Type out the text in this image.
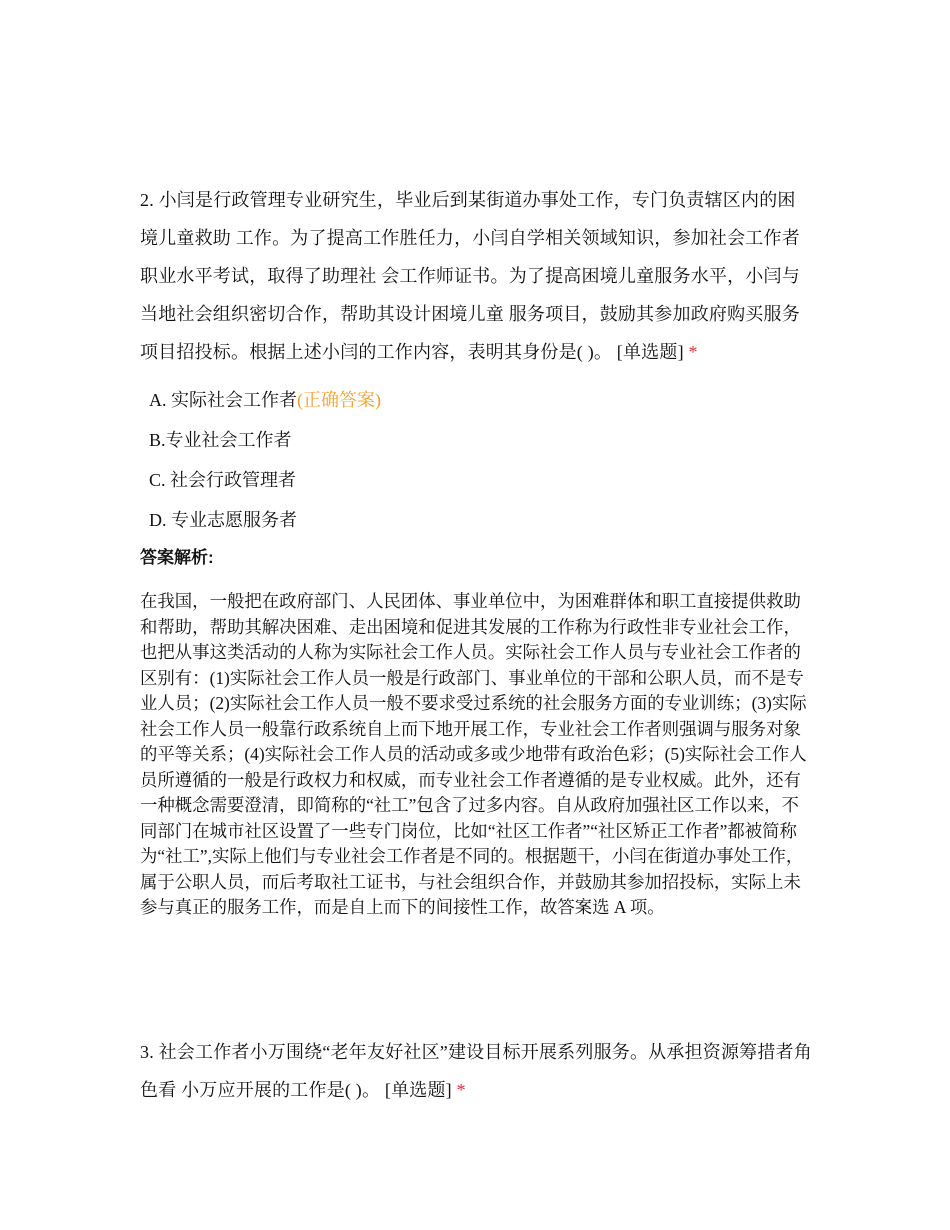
2. 小闫是行政管理专业研究生，毕业后到某街道办事处工作，专门负责辖区内的困境儿童救助 工作。为了提高工作胜任力，小闫自学相关领域知识，参加社会工作者职业水平考试，取得了助理社 会工作师证书。为了提高困境儿童服务水平，小闫与当地社会组织密切合作，帮助其设计困境儿童 服务项目，鼓励其参加政府购买服务项目招投标。根据上述小闫的工作内容，表明其身份是( )。 [单选题] *
A. 实际社会工作者(正确答案)
B.专业社会工作者
C. 社会行政管理者
D. 专业志愿服务者
答案解析:
在我国，一般把在政府部门、人民团体、事业单位中，为困难群体和职工直接提供救助和帮助，帮助其解决困难、走出困境和促进其发展的工作称为行政性非专业社会工作，也把从事这类活动的人称为实际社会工作人员。实际社会工作人员与专业社会工作者的区别有：(1)实际社会工作人员一般是行政部门、事业单位的干部和公职人员，而不是专业人员；(2)实际社会工作人员一般不要求受过系统的社会服务方面的专业训练；(3)实际社会工作人员一般靠行政系统自上而下地开展工作，专业社会工作者则强调与服务对象的平等关系；(4)实际社会工作人员的活动或多或少地带有政治色彩；(5)实际社会工作人员所遵循的一般是行政权力和权威，而专业社会工作者遵循的是专业权威。此外，还有一种概念需要澄清，即简称的“社工”包含了过多内容。自从政府加强社区工作以来，不同部门在城市社区设置了一些专门岗位，比如“社区工作者”“社区矫正工作者”都被简称为“社工”,实际上他们与专业社会工作者是不同的。根据题干，小闫在街道办事处工作，属于公职人员，而后考取社工证书，与社会组织合作，并鼓励其参加招投标，实际上未参与真正的服务工作，而是自上而下的间接性工作，故答案选 A 项。
3. 社会工作者小万围绕“老年友好社区”建设目标开展系列服务。从承担资源筹措者角色看 小万应开展的工作是( )。 [单选题] *
